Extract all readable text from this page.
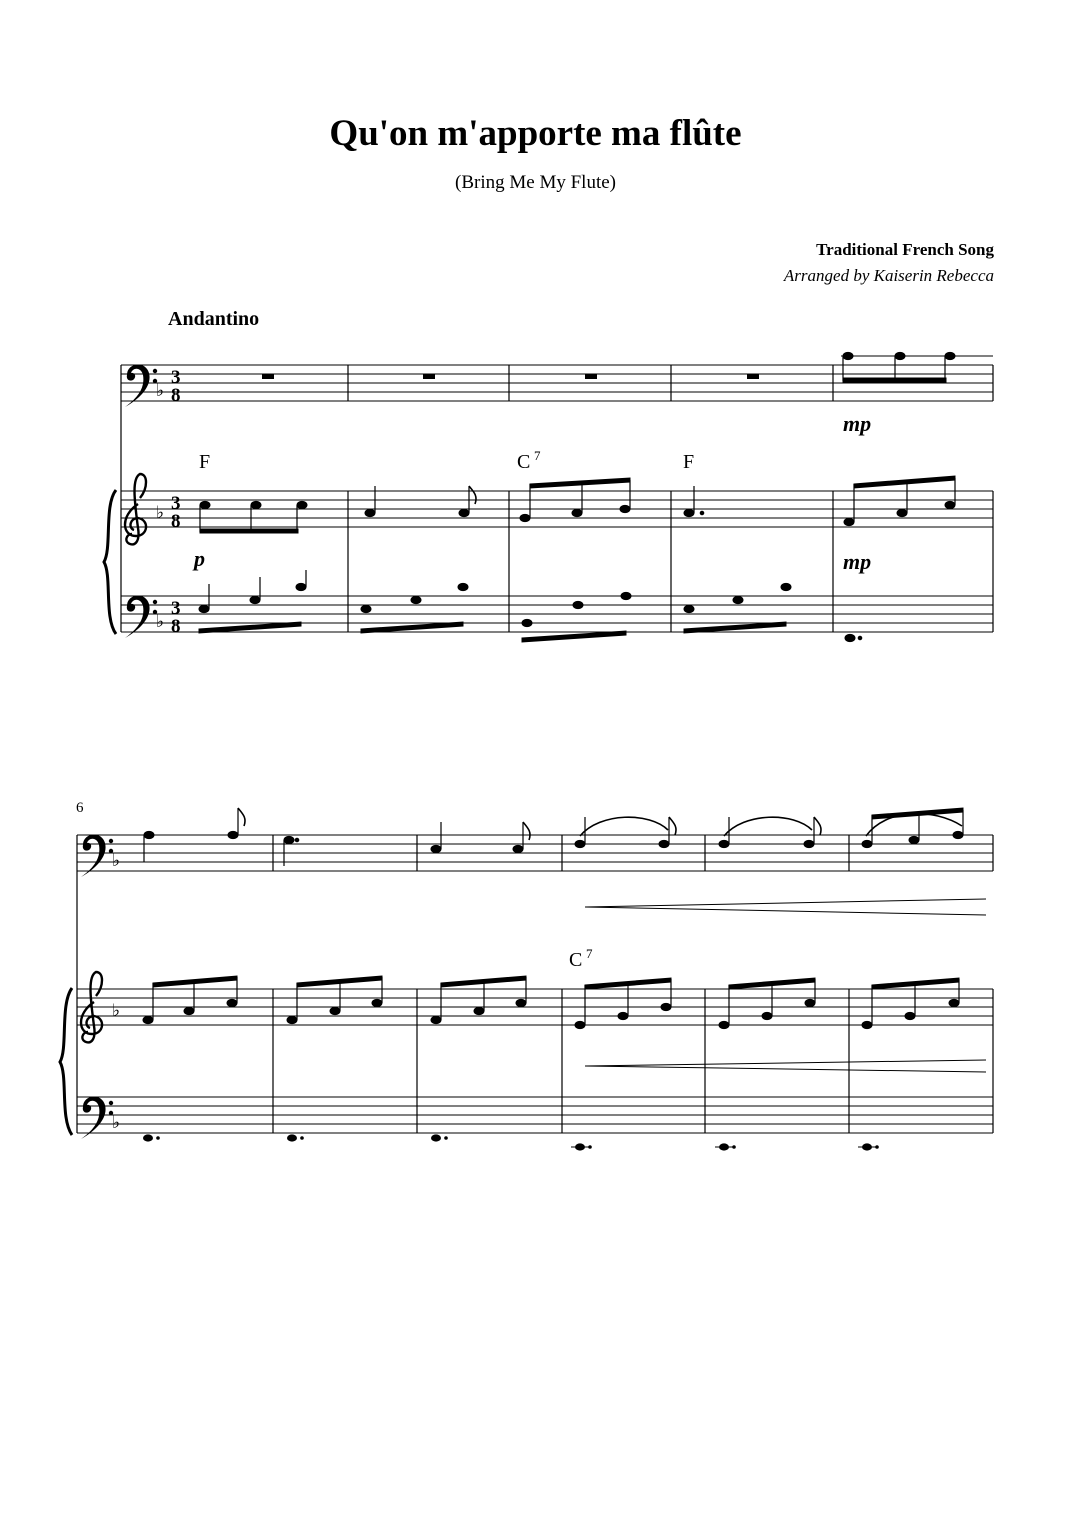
Qu'on m'apporte ma flûte
(Bring Me My Flute)
Traditional French Song
Arranged by Kaiserin Rebecca
Andantino
6
♭
♭
♭
3
8
3
8
3
8
F	C 7	F
mp
p	mp
♭
♭
♭
C 7
